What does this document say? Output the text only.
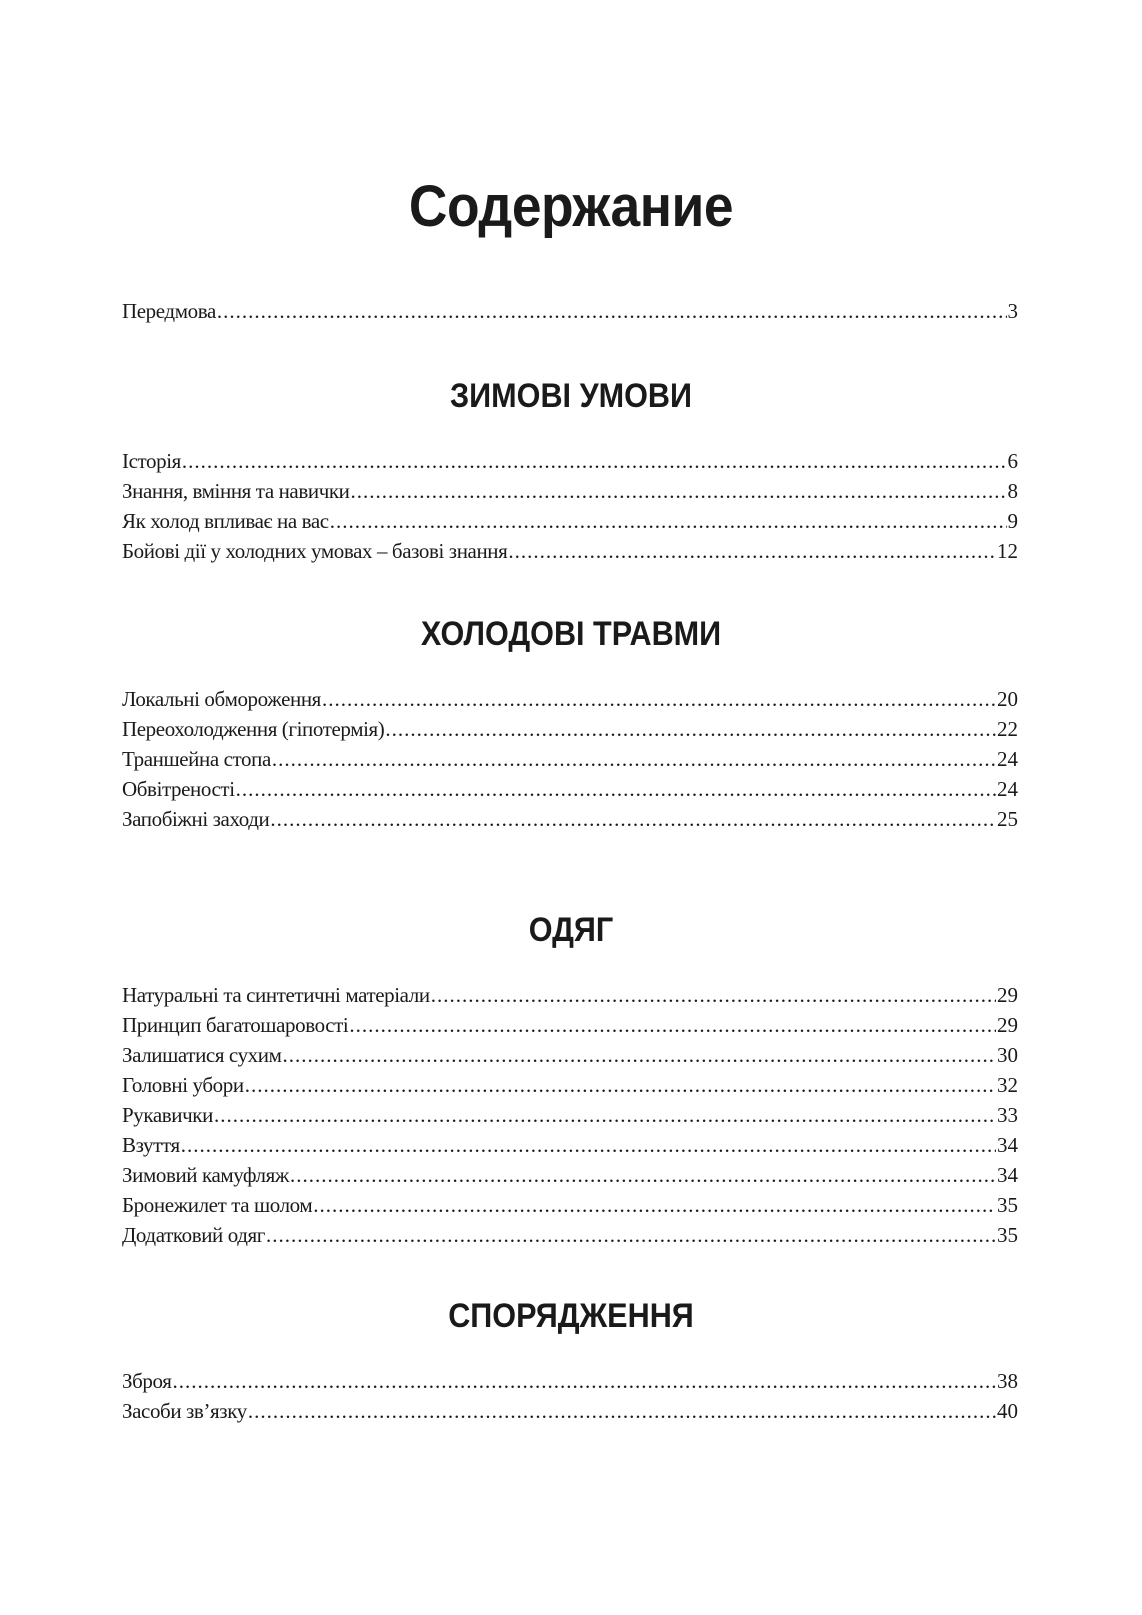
Содержание
Передмова .....	3
ЗИМОВІ УМОВИ
Історія .....	6
Знання, вміння та навички .....	8
Як холод впливає на вас .....	9
Бойові дії у холодних умовах – базові знання .....	12
ХОЛОДОВІ ТРАВМИ
Локальні обмороження .....	20
Переохолодження (гіпотермія) .....	22
Траншейна стопа .....	24
Обвітреності .....	24
Запобіжні заходи .....	25
ОДЯГ
Натуральні та синтетичні матеріали .....	29
Принцип багатошаровості .....	29
Залишатися сухим .....	30
Головні убори .....	32
Рукавички .....	33
Взуття .....	34
Зимовий камуфляж .....	34
Бронежилет та шолом .....	35
Додатковий одяг .....	35
СПОРЯДЖЕННЯ
Зброя .....	38
Засоби зв’язку .....	40
